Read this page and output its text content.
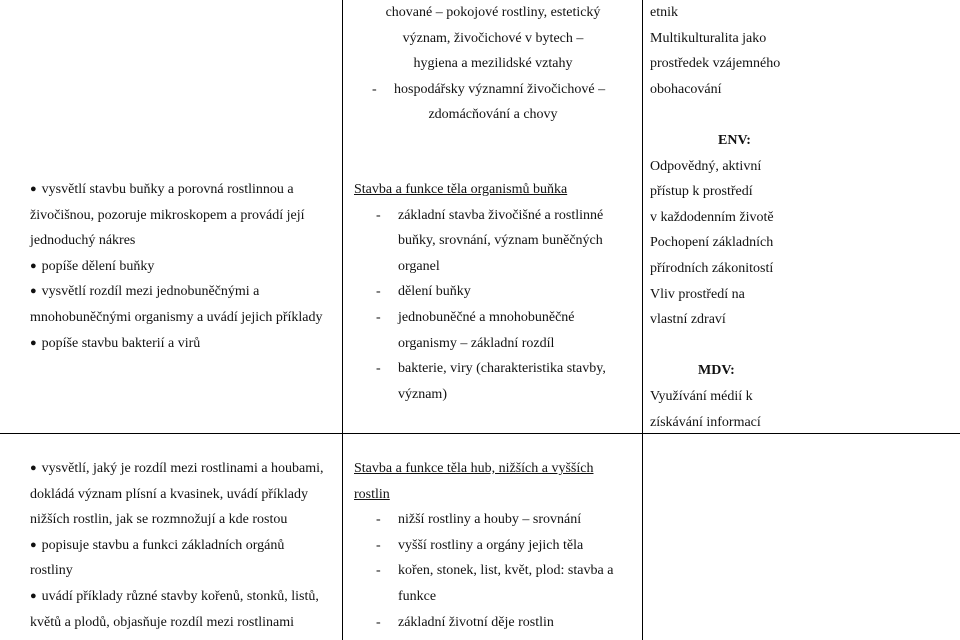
chované – pokojové rostliny, estetický
význam, živočichové v bytech –
hygiena a mezilidské vztahy
- hospodářsky významní živočichové –
zdomácňování a chovy
etnik
Multikulturalita jako
prostředek vzájemného
obohacování
ENV:
Odpovědný, aktivní
přístup k prostředí
v každodenním životě
Pochopení základních
přírodních zákonitostí
Vliv prostředí na
vlastní zdraví
MDV:
Využívání médií k
získávání informací
● vysvětlí stavbu buňky a porovná rostlinnou a
živočišnou, pozoruje mikroskopem a provádí její
jednoduchý nákres
● popíše dělení buňky
● vysvětlí rozdíl mezi jednobuněčnými a
mnohobuněčnými organismy a uvádí jejich příklady
● popíše stavbu bakterií a virů
Stavba a funkce těla organismů buňka
- základní stavba živočišné a rostlinné
buňky, srovnání, význam buněčných
organel
- dělení buňky
- jednobuněčné a mnohobuněčné
organismy – základní rozdíl
- bakterie, viry (charakteristika stavby,
význam)
● vysvětlí, jaký je rozdíl mezi rostlinami a houbami,
dokládá význam plísní a kvasinek, uvádí příklady
nižších rostlin, jak se rozmnožují a kde rostou
● popisuje stavbu a funkci základních orgánů
rostliny
● uvádí příklady různé stavby kořenů, stonků, listů,
květů a plodů, objasňuje rozdíl mezi rostlinami
Stavba a funkce těla hub, nižších a vyšších
rostlin
- nižší rostliny a houby – srovnání
- vyšší rostliny a orgány jejich těla
- kořen, stonek, list, květ, plod: stavba a
funkce
- základní životní děje rostlin
